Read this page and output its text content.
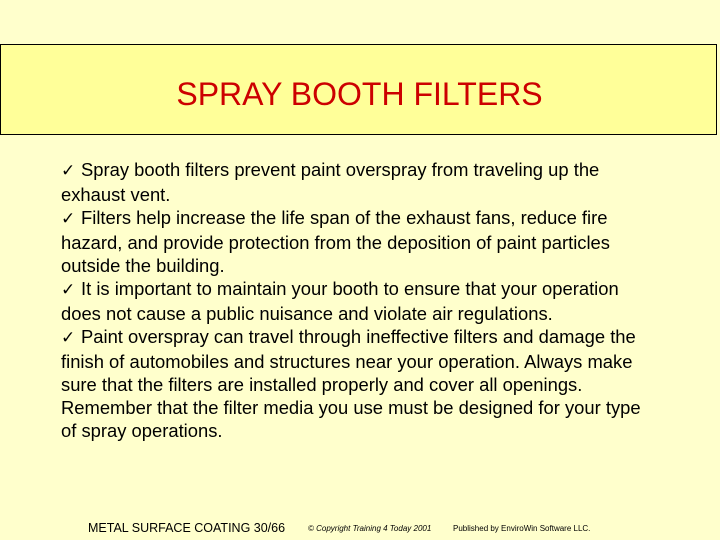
SPRAY BOOTH FILTERS
✓ Spray booth filters prevent paint overspray from traveling up the exhaust vent.
✓ Filters help increase the life span of the exhaust fans, reduce fire hazard, and provide protection from the deposition of paint particles outside the building.
✓ It is important to maintain your booth to ensure that your operation does not cause a public nuisance and violate air regulations.
✓ Paint overspray can travel through ineffective filters and damage the finish of automobiles and structures near your operation. Always make sure that the filters are installed properly and cover all openings. Remember that the filter media you use must be designed for your type of spray operations.
METAL SURFACE COATING 30/66	© Copyright Training 4 Today 2001	Published by EnviroWin Software LLC.
